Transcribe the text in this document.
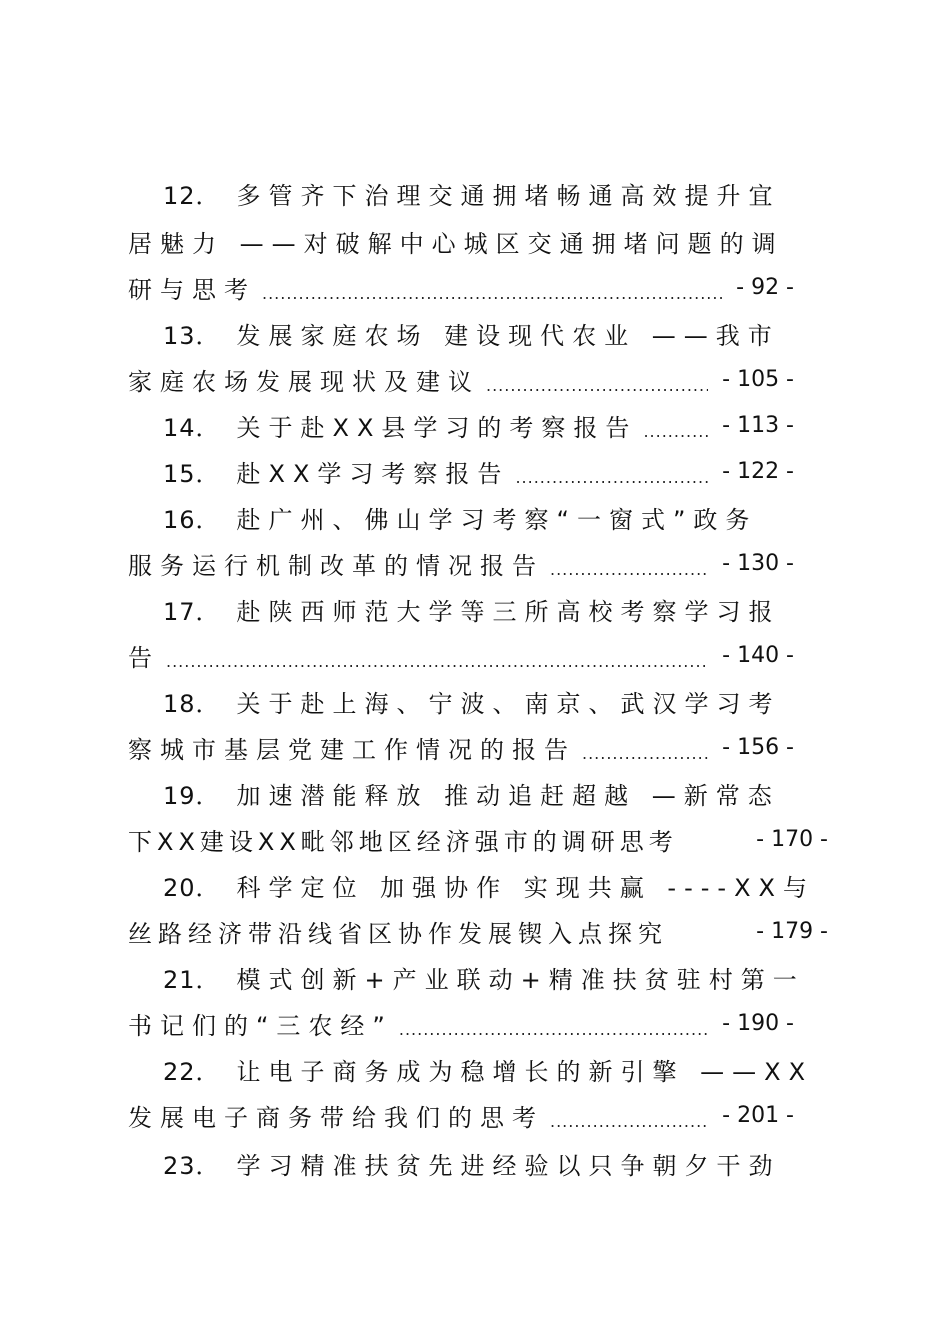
12． 多管齐下治理交通拥堵畅通高效提升宜
居魅力 ——对破解中心城区交通拥堵问题的调
研与思考 .....	- 92 -
13． 发展家庭农场 建设现代农业 ——我市
家庭农场发展现状及建议 .....	- 105 -
14． 关于赴XX县学习的考察报告 .....	- 113 -
15． 赴XX学习考察报告 .....	- 122 -
16． 赴广州、佛山学习考察“一窗式”政务
服务运行机制改革的情况报告 .....	- 130 -
17． 赴陕西师范大学等三所高校考察学习报
告 .....	- 140 -
18． 关于赴上海、宁波、南京、武汉学习考
察城市基层党建工作情况的报告 .....	- 156 -
19． 加速潜能释放 推动追赶超越 —新常态
下XX建设XX毗邻地区经济强市的调研思考	- 170 -
20． 科学定位 加强协作 实现共赢 ----XX与
丝路经济带沿线省区协作发展锲入点探究	- 179 -
21． 模式创新+产业联动+精准扶贫驻村第一
书记们的“三农经” .....	- 190 -
22． 让电子商务成为稳增长的新引擎 ——XX
发展电子商务带给我们的思考 .....	- 201 -
23． 学习精准扶贫先进经验以只争朝夕干劲
